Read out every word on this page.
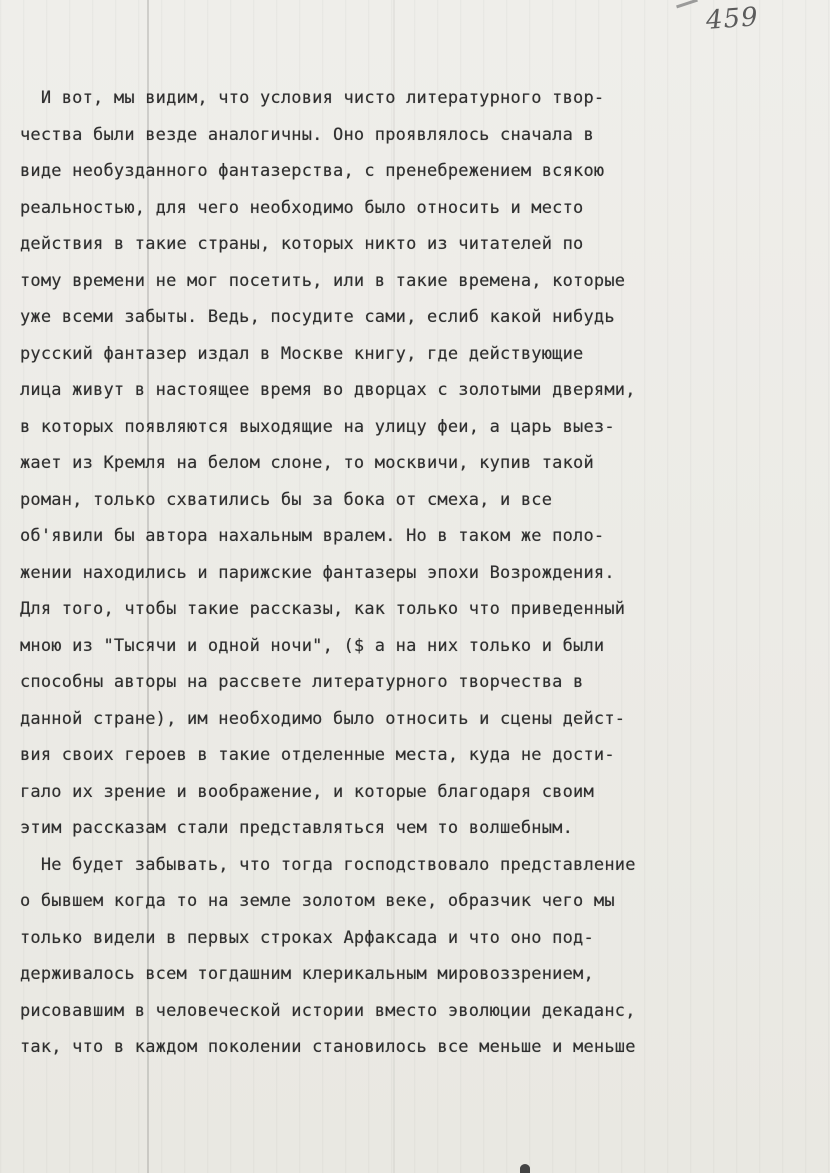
459
И вот, мы видим, что условия чисто литературного твор-
чества были везде аналогичны. Оно проявлялось сначала в
виде необузданного фантазерства, с пренебрежением всякою
реальностью, для чего необходимо было относить и место
действия в такие страны, которых никто из читателей по
тому времени не мог посетить, или в такие времена, которые
уже всеми забыты. Ведь, посудите сами, еслиб какой нибудь
русский фантазер издал в Москве книгу, где действующие
лица живут в настоящее время во дворцах с золотыми дверями,
в которых появляются выходящие на улицу феи, а царь выез-
жает из Кремля на белом слоне, то москвичи, купив такой
роман, только схватились бы за бока от смеха, и все
об'явили бы автора нахальным вралем. Но в таком же поло-
жении находились и парижские фантазеры эпохи Возрождения.
Для того, чтобы такие рассказы, как только что приведенный
мною из "Тысячи и одной ночи", ($ а на них только и были
способны авторы на рассвете литературного творчества в
данной стране), им необходимо было относить и сцены дейст-
вия своих героев в такие отделенные места, куда не дости-
гало их зрение и воображение, и которые благодаря своим
этим рассказам стали представляться чем то волшебным.
Не будет забывать, что тогда господствовало представление
о бывшем когда то на земле золотом веке, образчик чего мы
только видели в первых строках Арфаксада и что оно под-
держивалось всем тогдашним клерикальным мировоззрением,
рисовавшим в человеческой истории вместо эволюции декаданс,
так, что в каждом поколении становилось все меньше и меньше
